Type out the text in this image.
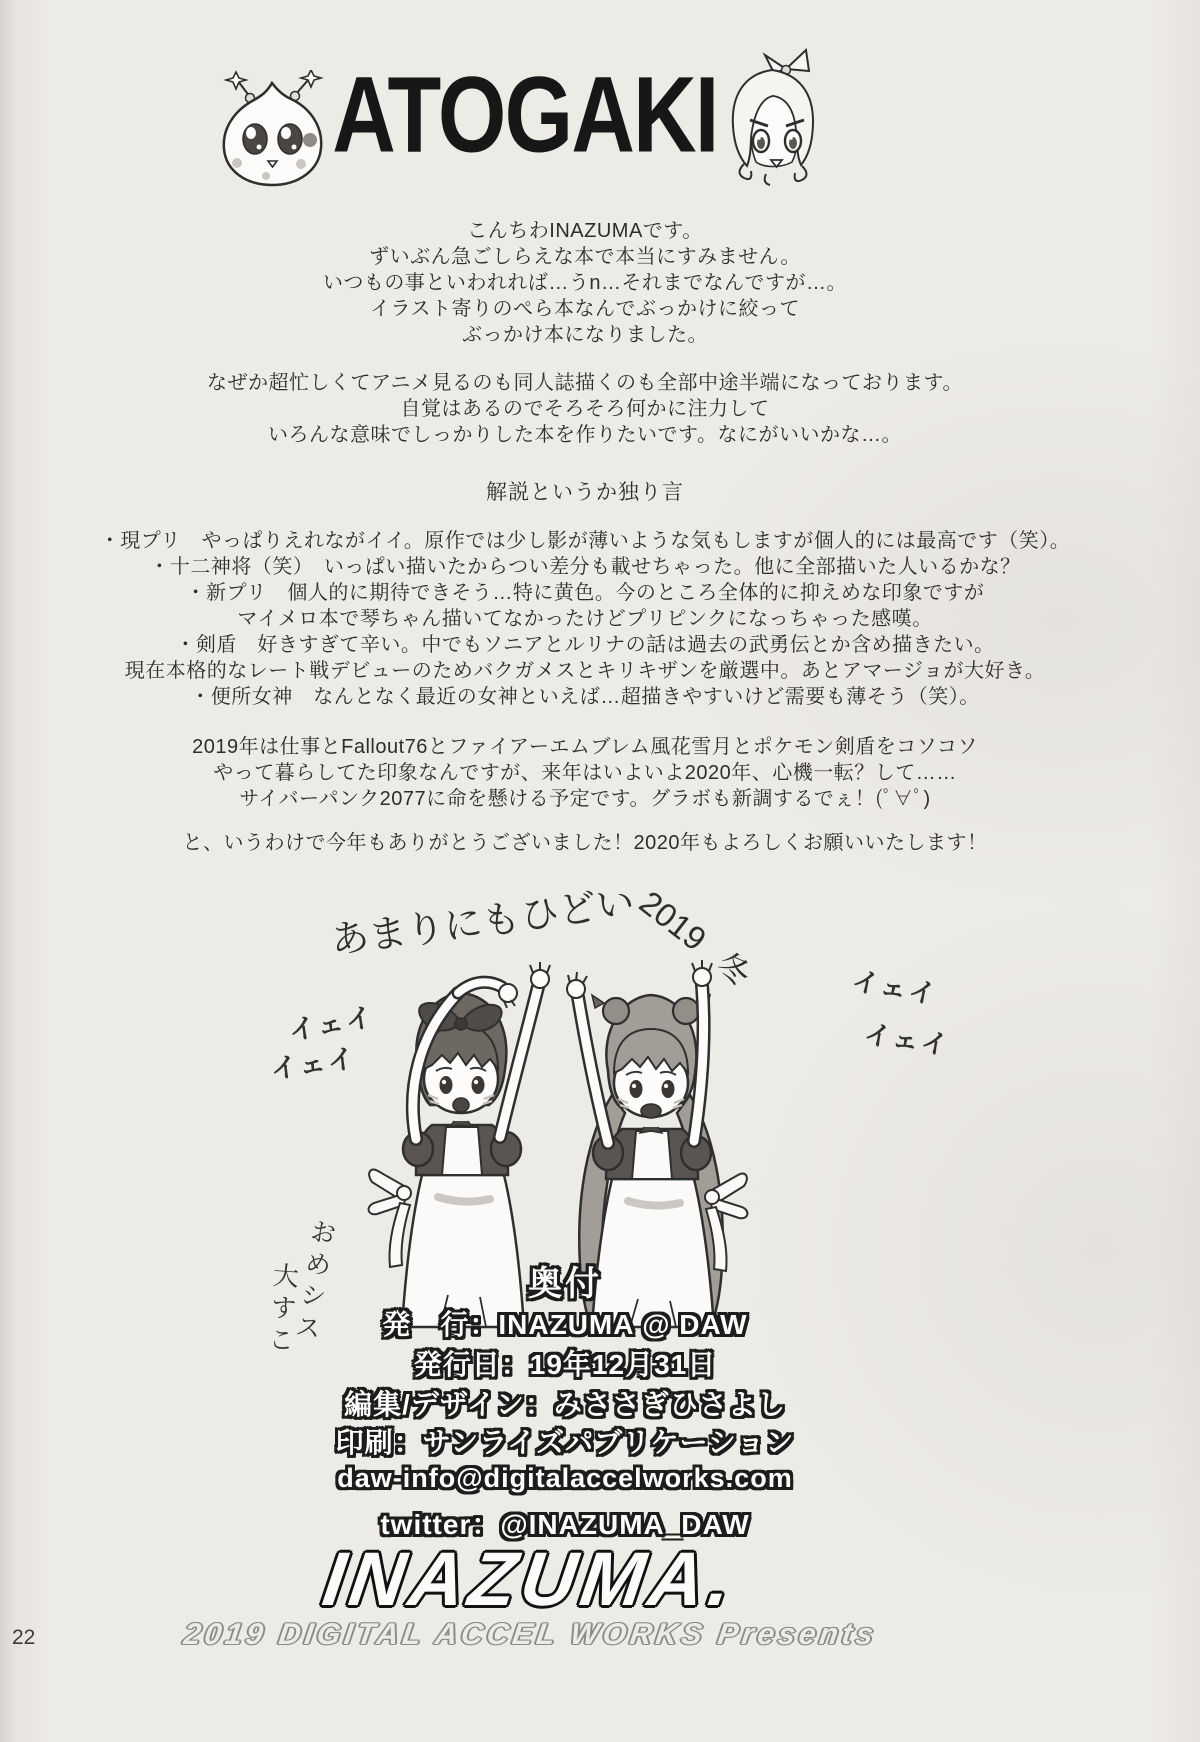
ATOGAKI
こんちわINAZUMAです。
ずいぶん急ごしらえな本で本当にすみません。
いつもの事といわれれば…うn…それまでなんですが…。
イラスト寄りのぺら本なんでぶっかけに絞って
ぶっかけ本になりました。
なぜか超忙しくてアニメ見るのも同人誌描くのも全部中途半端になっております。
自覚はあるのでそろそろ何かに注力して
いろんな意味でしっかりした本を作りたいです。なにがいいかな…。
解説というか独り言
・現プリ　やっぱりえれながイイ。原作では少し影が薄いような気もしますが個人的には最高です（笑）。
・十二神将（笑）　いっぱい描いたからつい差分も載せちゃった。他に全部描いた人いるかな？
・新プリ　個人的に期待できそう…特に黄色。今のところ全体的に抑えめな印象ですが
マイメロ本で琴ちゃん描いてなかったけどプリピンクになっちゃった感嘆。
・剣盾　好きすぎて辛い。中でもソニアとルリナの話は過去の武勇伝とか含め描きたい。
現在本格的なレート戦デビューのためバクガメスとキリキザンを厳選中。あとアマージョが大好き。
・便所女神　なんとなく最近の女神といえば…超描きやすいけど需要も薄そう（笑）。
2019年は仕事とFallout76とファイアーエムブレム風花雪月とポケモン剣盾をコソコソ
やって暮らしてた印象なんですが、来年はいよいよ2020年、心機一転？して……
サイバーパンク2077に命を懸ける予定です。グラボも新調するでぇ！(ﾟ∀ﾟ)
と、いうわけで今年もありがとうございました！2020年もよろしくお願いいたします！
あまりにも
ひどい
2019
冬
イェイ
イェイ
イェイ
イェイ
おめシス
大すこ	奥付
発　行：INAZUMA @ DAW
発行日：19年12月31日
編集/デザイン：みささぎひさよし
印刷：サンライズパブリケーション
daw-info@digitalaccelworks.com
twitter：@INAZUMA_DAW
INAZUMA.
2019 DIGITAL ACCEL WORKS Presents
22
